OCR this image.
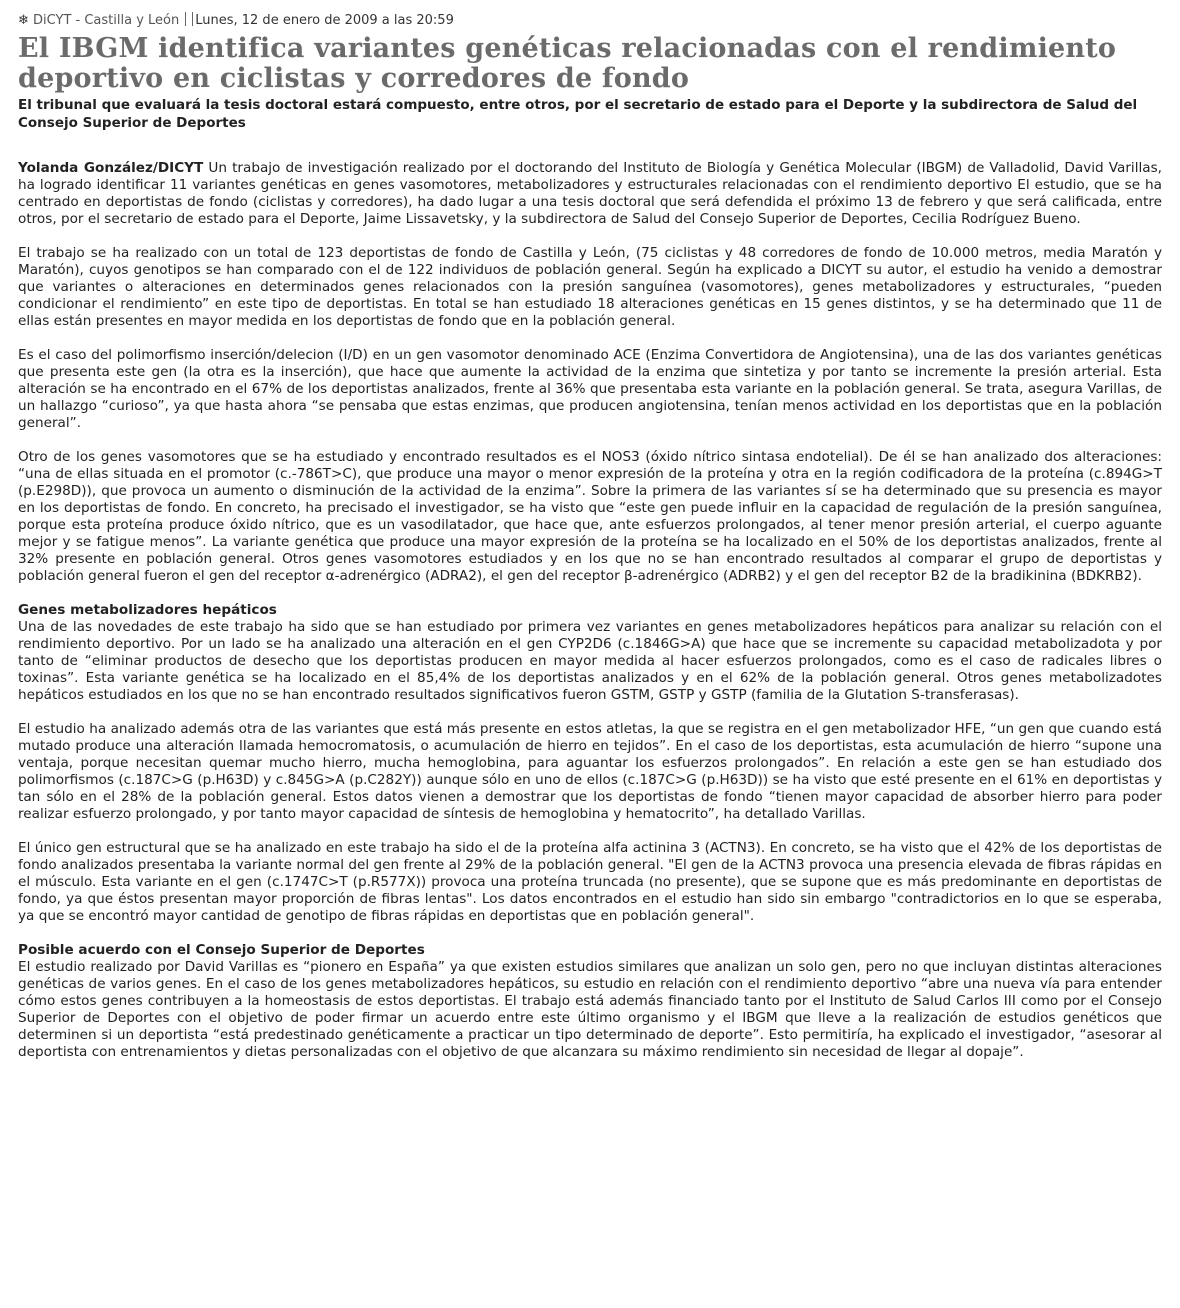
❄ DiCYT - Castilla y León Lunes, 12 de enero de 2009 a las 20:59
El IBGM identifica variantes genéticas relacionadas con el rendimiento deportivo en ciclistas y corredores de fondo
El tribunal que evaluará la tesis doctoral estará compuesto, entre otros, por el secretario de estado para el Deporte y la subdirectora de Salud del Consejo Superior de Deportes

Yolanda González/DICYT Un trabajo de investigación realizado por el doctorando del Instituto de Biología y Genética Molecular (IBGM) de Valladolid, David Varillas, ha logrado identificar 11 variantes genéticas en genes vasomotores, metabolizadores y estructurales relacionadas con el rendimiento deportivo El estudio, que se ha centrado en deportistas de fondo (ciclistas y corredores), ha dado lugar a una tesis doctoral que será defendida el próximo 13 de febrero y que será calificada, entre otros, por el secretario de estado para el Deporte, Jaime Lissavetsky, y la subdirectora de Salud del Consejo Superior de Deportes, Cecilia Rodríguez Bueno.

El trabajo se ha realizado con un total de 123 deportistas de fondo de Castilla y León, (75 ciclistas y 48 corredores de fondo de 10.000 metros, media Maratón y Maratón), cuyos genotipos se han comparado con el de 122 individuos de población general. Según ha explicado a DICYT su autor, el estudio ha venido a demostrar que variantes o alteraciones en determinados genes relacionados con la presión sanguínea (vasomotores), genes metabolizadores y estructurales, “pueden condicionar el rendimiento” en este tipo de deportistas. En total se han estudiado 18 alteraciones genéticas en 15 genes distintos, y se ha determinado que 11 de ellas están presentes en mayor medida en los deportistas de fondo que en la población general.

Es el caso del polimorfismo inserción/delecion (I/D) en un gen vasomotor denominado ACE (Enzima Convertidora de Angiotensina), una de las dos variantes genéticas que presenta este gen (la otra es la inserción), que hace que aumente la actividad de la enzima que sintetiza y por tanto se incremente la presión arterial. Esta alteración se ha encontrado en el 67% de los deportistas analizados, frente al 36% que presentaba esta variante en la población general. Se trata, asegura Varillas, de un hallazgo “curioso”, ya que hasta ahora “se pensaba que estas enzimas, que producen angiotensina, tenían menos actividad en los deportistas que en la población general”.

Otro de los genes vasomotores que se ha estudiado y encontrado resultados es el NOS3 (óxido nítrico sintasa endotelial). De él se han analizado dos alteraciones: “una de ellas situada en el promotor (c.-786T>C), que produce una mayor o menor expresión de la proteína y otra en la región codificadora de la proteína (c.894G>T (p.E298D)), que provoca un aumento o disminución de la actividad de la enzima”. Sobre la primera de las variantes sí se ha determinado que su presencia es mayor en los deportistas de fondo. En concreto, ha precisado el investigador, se ha visto que “este gen puede influir en la capacidad de regulación de la presión sanguínea, porque esta proteína produce óxido nítrico, que es un vasodilatador, que hace que, ante esfuerzos prolongados, al tener menor presión arterial, el cuerpo aguante mejor y se fatigue menos”. La variante genética que produce una mayor expresión de la proteína se ha localizado en el 50% de los deportistas analizados, frente al 32% presente en población general. Otros genes vasomotores estudiados y en los que no se han encontrado resultados al comparar el grupo de deportistas y población general fueron el gen del receptor α-adrenérgico (ADRA2), el gen del receptor β-adrenérgico (ADRB2) y el gen del receptor B2 de la bradikinina (BDKRB2).

Genes metabolizadores hepáticos

Una de las novedades de este trabajo ha sido que se han estudiado por primera vez variantes en genes metabolizadores hepáticos para analizar su relación con el rendimiento deportivo. Por un lado se ha analizado una alteración en el gen CYP2D6 (c.1846G>A) que hace que se incremente su capacidad metabolizadota y por tanto de “eliminar productos de desecho que los deportistas producen en mayor medida al hacer esfuerzos prolongados, como es el caso de radicales libres o toxinas”. Esta variante genética se ha localizado en el 85,4% de los deportistas analizados y en el 62% de la población general. Otros genes metabolizadotes hepáticos estudiados en los que no se han encontrado resultados significativos fueron GSTM, GSTP y GSTP (familia de la Glutation S-transferasas).

El estudio ha analizado además otra de las variantes que está más presente en estos atletas, la que se registra en el gen metabolizador HFE, “un gen que cuando está mutado produce una alteración llamada hemocromatosis, o acumulación de hierro en tejidos”. En el caso de los deportistas, esta acumulación de hierro “supone una ventaja, porque necesitan quemar mucho hierro, mucha hemoglobina, para aguantar los esfuerzos prolongados”. En relación a este gen se han estudiado dos polimorfismos (c.187C>G (p.H63D) y c.845G>A (p.C282Y)) aunque sólo en uno de ellos (c.187C>G (p.H63D)) se ha visto que esté presente en el 61% en deportistas y tan sólo en el 28% de la población general. Estos datos vienen a demostrar que los deportistas de fondo “tienen mayor capacidad de absorber hierro para poder realizar esfuerzo prolongado, y por tanto mayor capacidad de síntesis de hemoglobina y hematocrito”, ha detallado Varillas.

El único gen estructural que se ha analizado en este trabajo ha sido el de la proteína alfa actinina 3 (ACTN3). En concreto, se ha visto que el 42% de los deportistas de fondo analizados presentaba la variante normal del gen frente al 29% de la población general. "El gen de la ACTN3 provoca una presencia elevada de fibras rápidas en el músculo. Esta variante en el gen (c.1747C>T (p.R577X)) provoca una proteína truncada (no presente), que se supone que es más predominante en deportistas de fondo, ya que éstos presentan mayor proporción de fibras lentas". Los datos encontrados en el estudio han sido sin embargo "contradictorios en lo que se esperaba, ya que se encontró mayor cantidad de genotipo de fibras rápidas en deportistas que en población general".

Posible acuerdo con el Consejo Superior de Deportes

El estudio realizado por David Varillas es “pionero en España” ya que existen estudios similares que analizan un solo gen, pero no que incluyan distintas alteraciones genéticas de varios genes. En el caso de los genes metabolizadores hepáticos, su estudio en relación con el rendimiento deportivo “abre una nueva vía para entender cómo estos genes contribuyen a la homeostasis de estos deportistas. El trabajo está además financiado tanto por el Instituto de Salud Carlos III como por el Consejo Superior de Deportes con el objetivo de poder firmar un acuerdo entre este último organismo y el IBGM que lleve a la realización de estudios genéticos que determinen si un deportista “está predestinado genéticamente a practicar un tipo determinado de deporte”. Esto permitiría, ha explicado el investigador, “asesorar al deportista con entrenamientos y dietas personalizadas con el objetivo de que alcanzara su máximo rendimiento sin necesidad de llegar al dopaje”.
